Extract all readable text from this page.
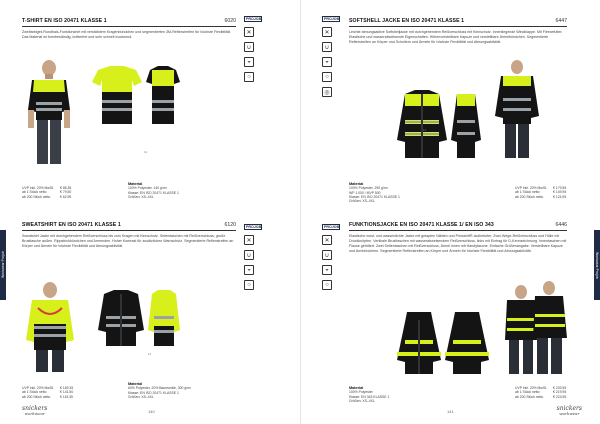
Workwear Projob
T-SHIRT EN ISO 20471 KLASSE 1	6020

Zweifarbiges Rundhals-Funktionshirt mit verstärktem Kragenbündchen und segmentierten 3M-Reflexstreifen für höchste Flexibilität. Das Material ist formbeständig, knitterfrei und sehr schnell trocknend.

PROJOB
✕
∪
◒
○
11
UVP inkl. 20% MwSt. € 86,35
ab 1 Stück netto	€ 79,50
ab 200 Stück netto	€ 62,95
Material
100% Polyester, 140 g/m²
Klasse: EN ISO 20471 KLASSE 1
Größen: XS–4XL
SWEATSHIRT EN ISO 20471 KLASSE 1	6120

Sweatshirt Jacke mit durchgehendem Reißverschluss bis zum Kragen mit Kinnschutz. Seitentaschen mit Reißverschluss, große Brusttasche außen. Rippstrickbündchen und Armenden. Hoher Kontrast für zusätzlichen Warnschutz. Segmentierte Reflexstreifen an Körper und Ärmeln für höchste Flexibilität und Atmungsaktivität.

PROJOB
✕
∪
◒
○
11
UVP inkl. 20% MwSt. € 169,35
ab 1 Stück netto	€ 141,50
ab 200 Stück netto	€ 115,35
Material
60% Polyester, 20% Baumwolle, 300 g/m²
Klasse: EN ISO 20471 KLASSE 1
Größen: XS–4XL
snickers
workwear	140
Workwear Projob
PROJOB
✕
∪
◒
○
◎
SOFTSHELL JACKE EN ISO 20471 KLASSE 1	6447

Leichte atmungsaktive Softshelljacke mit durchgehendem Reißverschluss mit Kinnschutz. Innenliegende Windklappe. Mit Fleecefutter. Elastische und wasserabweisende Eigenschaften. Höhenverstellbare Kapuze und verstellbare Ärmelbündchen. Segmentierte Reflexstreifen an Körper und Schultern und Ärmeln für höchste Flexibilität und Atmungsaktivität.

11
Material
100% Polyester, 290 g/m²
WP 1.000 / MVP 500
Klasse: EN ISO 20471 KLASSE 1
Größen: XS–4XL
UVP inkl. 20% MwSt. € 179,55
ab 1 Stück netto	€ 149,95
ab 200 Stück netto	€ 124,95
PROJOB
✕
∪
◒
○
FUNKTIONSJACKE EN ISO 20471 KLASSE 1/ EN ISO 343	6446

Elastische wind- und wasserdichte Jacke mit getapten Nähten und Primaloft®-Isolierfutter. Zwei-Wege-Reißverschluss und Hülle mit Druckknöpfen. Vertikale Brusttaschen mit wasserabweisendem Reißverschluss, links mit Eintrag für D-Kennzeichnung. Innentaschen mit Flause gefüttert. Zwei Seitentaschen mit Reißverschluss, Ärmel innen mit Handytasche. Einfache Größenangabe. Verstellbare Kapuze und Armbündchen. Segmentierte Reflexstreifen an Körper und Ärmeln für höchste Flexibilität und Atmungsaktivität.

Material
100% Polyester
Klasse: EN 343 KLASSE 1
Größen: XS–4XL
UVP inkl. 20% MwSt. € 233,95
ab 1 Stück netto	€ 219,95
ab 200 Stück netto	€ 223,95
141	snickers
workwear
